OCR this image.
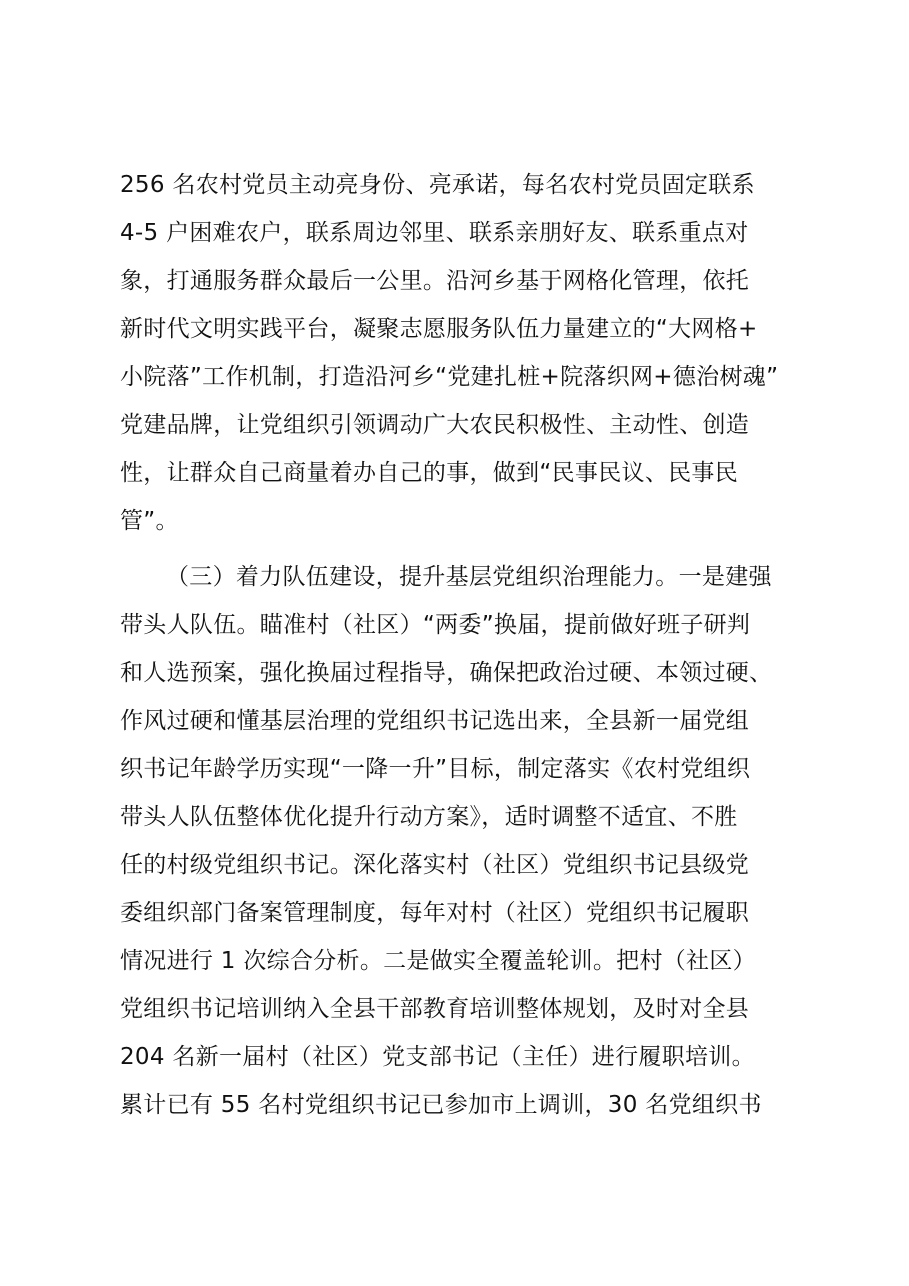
256 名农村党员主动亮身份、亮承诺，每名农村党员固定联系
4-5 户困难农户，联系周边邻里、联系亲朋好友、联系重点对
象，打通服务群众最后一公里。沿河乡基于网格化管理，依托
新时代文明实践平台，凝聚志愿服务队伍力量建立的“大网格+
小院落”工作机制，打造沿河乡“党建扎桩+院落织网+德治树魂”
党建品牌，让党组织引领调动广大农民积极性、主动性、创造
性，让群众自己商量着办自己的事，做到“民事民议、民事民
管”。
（三）着力队伍建设，提升基层党组织治理能力。一是建强
带头人队伍。瞄准村（社区）“两委”换届，提前做好班子研判
和人选预案，强化换届过程指导，确保把政治过硬、本领过硬、
作风过硬和懂基层治理的党组织书记选出来，全县新一届党组
织书记年龄学历实现“一降一升”目标，制定落实《农村党组织
带头人队伍整体优化提升行动方案》，适时调整不适宜、不胜
任的村级党组织书记。深化落实村（社区）党组织书记县级党
委组织部门备案管理制度，每年对村（社区）党组织书记履职
情况进行 1 次综合分析。二是做实全覆盖轮训。把村（社区）
党组织书记培训纳入全县干部教育培训整体规划，及时对全县
204 名新一届村（社区）党支部书记（主任）进行履职培训。
累计已有 55 名村党组织书记已参加市上调训，30 名党组织书
